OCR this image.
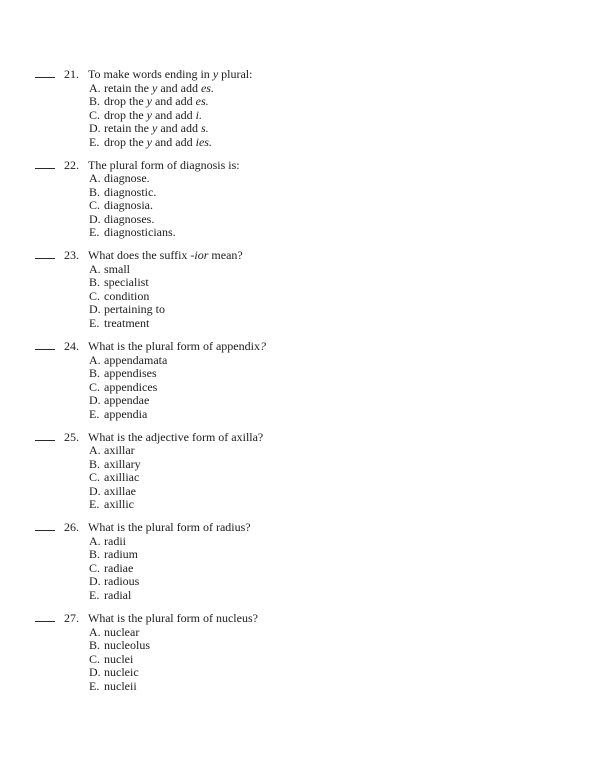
21. To make words ending in y plural:
A. retain the y and add es.
B. drop the y and add es.
C. drop the y and add i.
D. retain the y and add s.
E. drop the y and add ies.
22. The plural form of diagnosis is:
A. diagnose.
B. diagnostic.
C. diagnosia.
D. diagnoses.
E. diagnosticians.
23. What does the suffix -ior mean?
A. small
B. specialist
C. condition
D. pertaining to
E. treatment
24. What is the plural form of appendix?
A. appendamata
B. appendises
C. appendices
D. appendae
E. appendia
25. What is the adjective form of axilla?
A. axillar
B. axillary
C. axilliac
D. axillae
E. axillic
26. What is the plural form of radius?
A. radii
B. radium
C. radiae
D. radious
E. radial
27. What is the plural form of nucleus?
A. nuclear
B. nucleolus
C. nuclei
D. nucleic
E. nucleii
